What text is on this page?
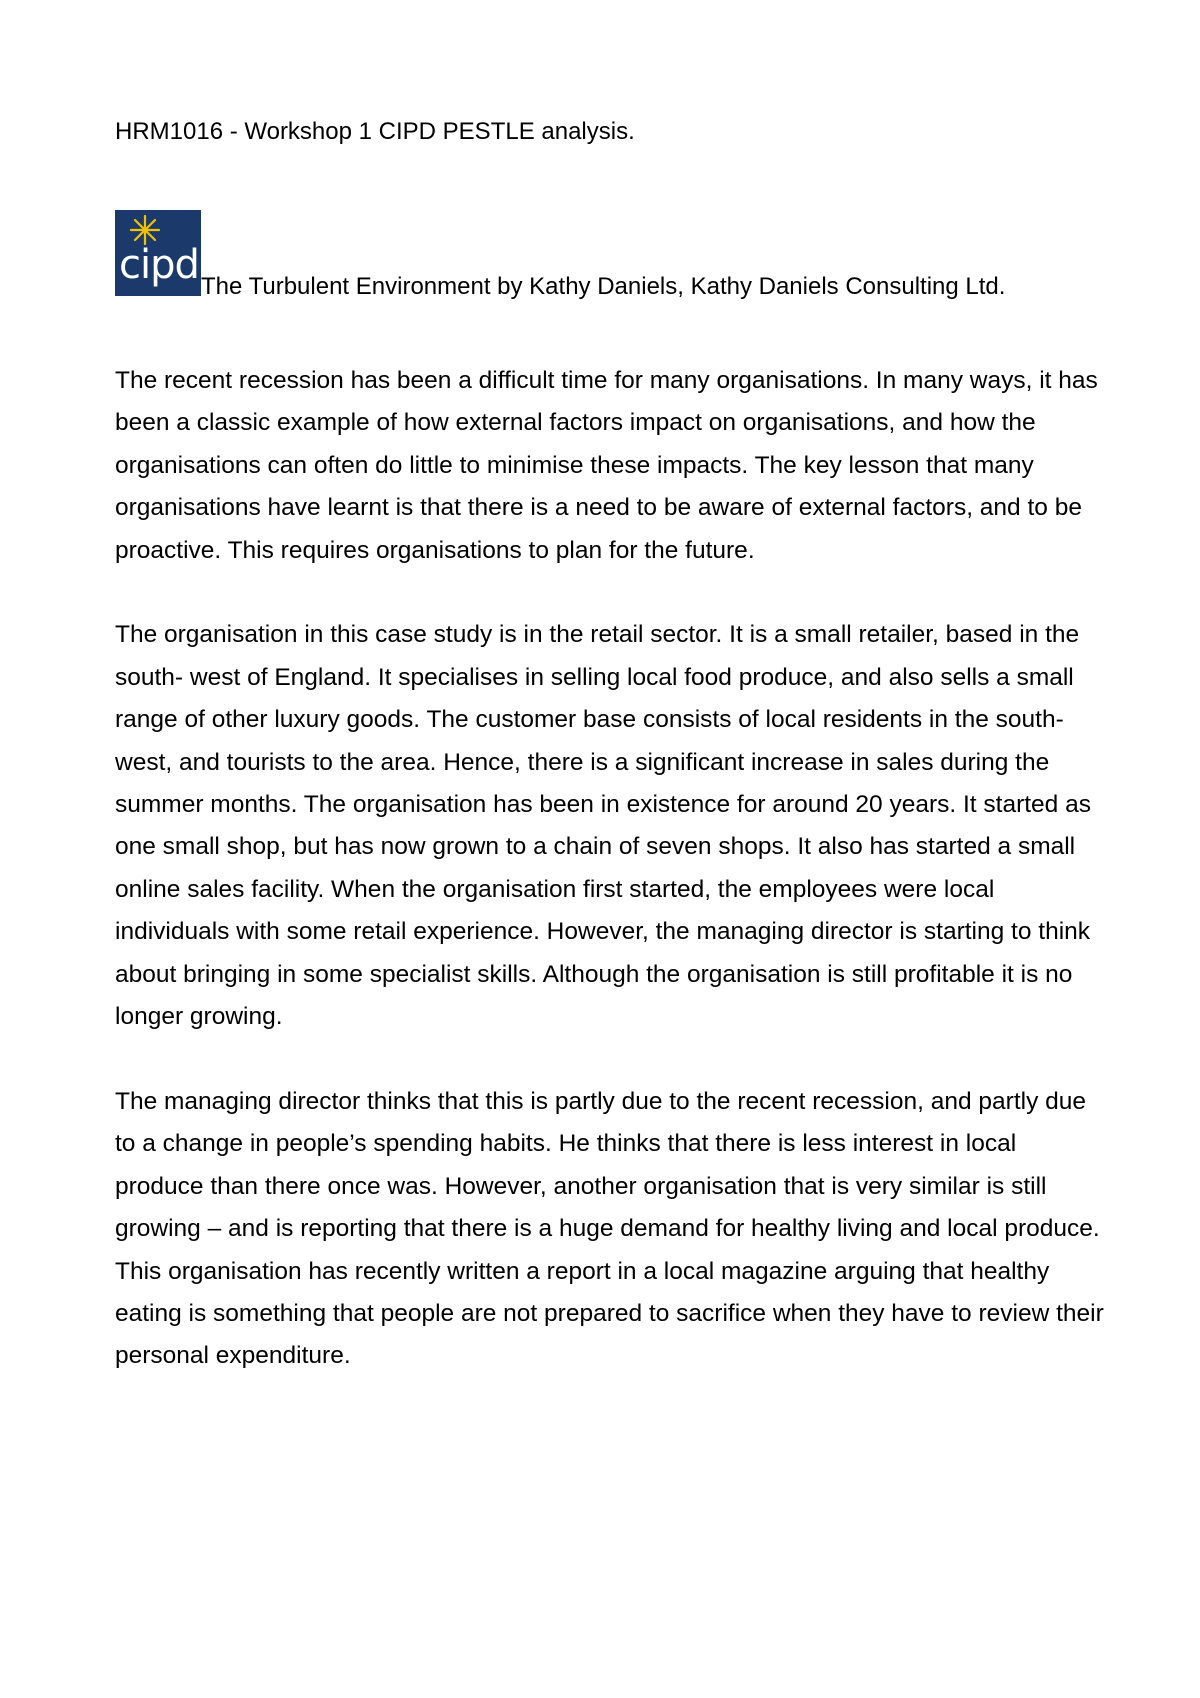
HRM1016 - Workshop 1 CIPD PESTLE analysis.
cipd The Turbulent Environment by Kathy Daniels, Kathy Daniels Consulting Ltd.

The recent recession has been a difficult time for many organisations. In many ways, it has been a classic example of how external factors impact on organisations, and how the organisations can often do little to minimise these impacts. The key lesson that many organisations have learnt is that there is a need to be aware of external factors, and to be proactive. This requires organisations to plan for the future.

The organisation in this case study is in the retail sector. It is a small retailer, based in the south- west of England. It specialises in selling local food produce, and also sells a small range of other luxury goods. The customer base consists of local residents in the south-west, and tourists to the area. Hence, there is a significant increase in sales during the summer months. The organisation has been in existence for around 20 years. It started as one small shop, but has now grown to a chain of seven shops. It also has started a small online sales facility. When the organisation first started, the employees were local individuals with some retail experience. However, the managing director is starting to think about bringing in some specialist skills. Although the organisation is still profitable it is no longer growing.

The managing director thinks that this is partly due to the recent recession, and partly due to a change in people’s spending habits. He thinks that there is less interest in local produce than there once was. However, another organisation that is very similar is still growing – and is reporting that there is a huge demand for healthy living and local produce. This organisation has recently written a report in a local magazine arguing that healthy eating is something that people are not prepared to sacrifice when they have to review their personal expenditure.
